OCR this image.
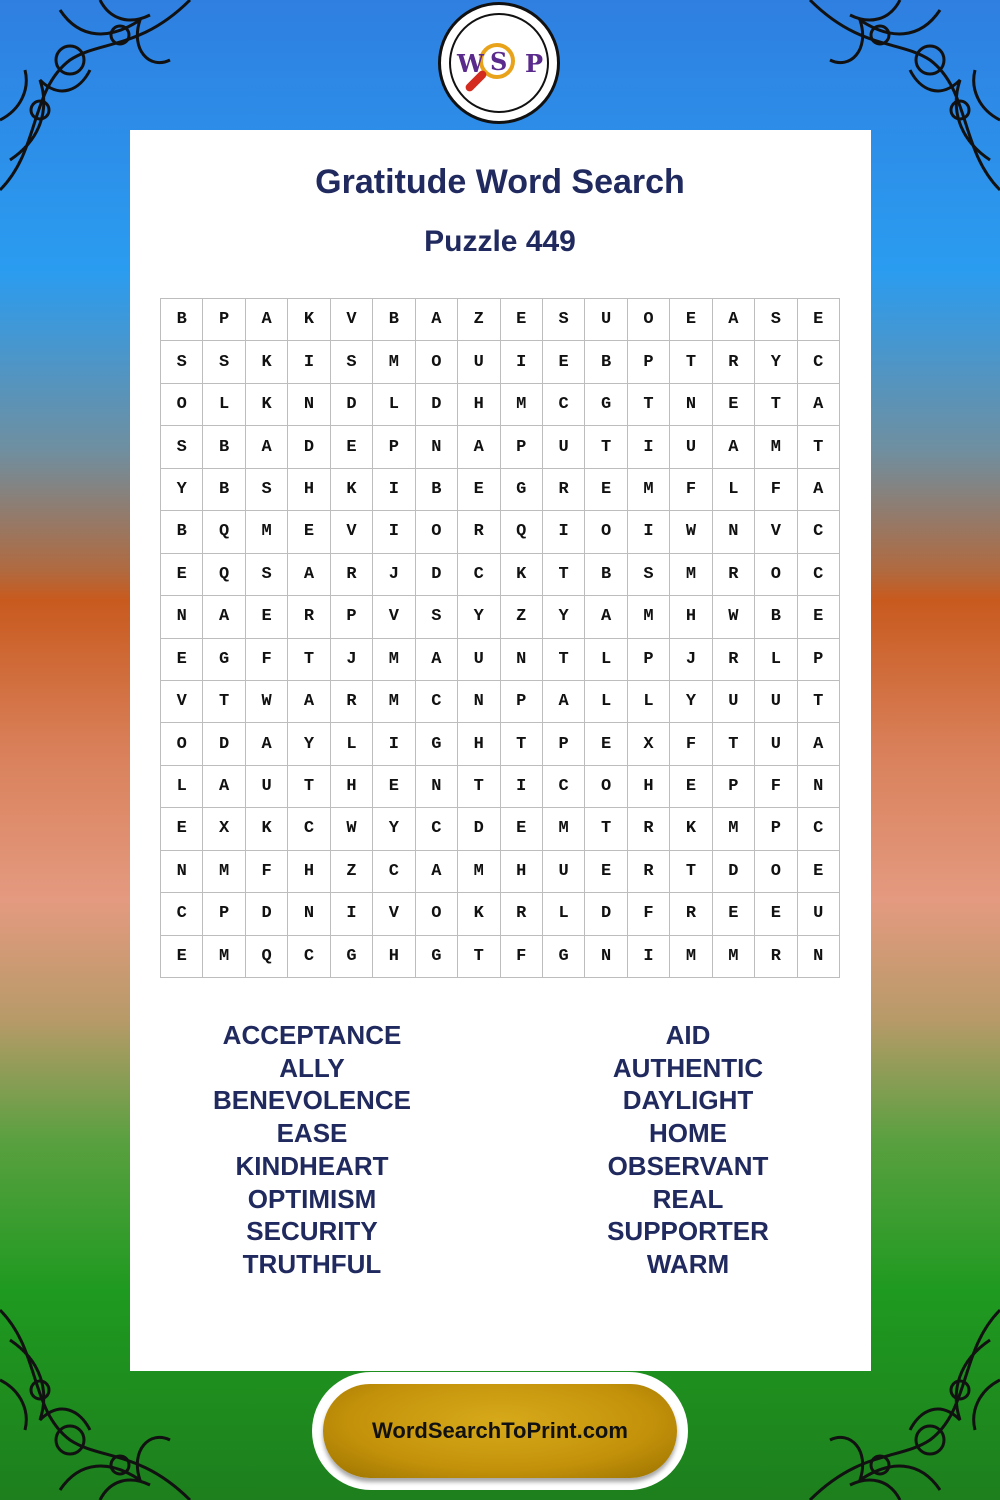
W S P
Gratitude Word Search
Puzzle 449
B	P	A	K	V	B	A	Z	E	S	U	O	E	A	S	E
S	S	K	I	S	M	O	U	I	E	B	P	T	R	Y	C
O	L	K	N	D	L	D	H	M	C	G	T	N	E	T	A
S	B	A	D	E	P	N	A	P	U	T	I	U	A	M	T
Y	B	S	H	K	I	B	E	G	R	E	M	F	L	F	A
B	Q	M	E	V	I	O	R	Q	I	O	I	W	N	V	C
E	Q	S	A	R	J	D	C	K	T	B	S	M	R	O	C
N	A	E	R	P	V	S	Y	Z	Y	A	M	H	W	B	E
E	G	F	T	J	M	A	U	N	T	L	P	J	R	L	P
V	T	W	A	R	M	C	N	P	A	L	L	Y	U	U	T
O	D	A	Y	L	I	G	H	T	P	E	X	F	T	U	A
L	A	U	T	H	E	N	T	I	C	O	H	E	P	F	N
E	X	K	C	W	Y	C	D	E	M	T	R	K	M	P	C
N	M	F	H	Z	C	A	M	H	U	E	R	T	D	O	E
C	P	D	N	I	V	O	K	R	L	D	F	R	E	E	U
E	M	Q	C	G	H	G	T	F	G	N	I	M	M	R	N
ACCEPTANCE
ALLY
BENEVOLENCE
EASE
KINDHEART
OPTIMISM
SECURITY
TRUTHFUL
AID
AUTHENTIC
DAYLIGHT
HOME
OBSERVANT
REAL
SUPPORTER
WARM
WordSearchToPrint.com
